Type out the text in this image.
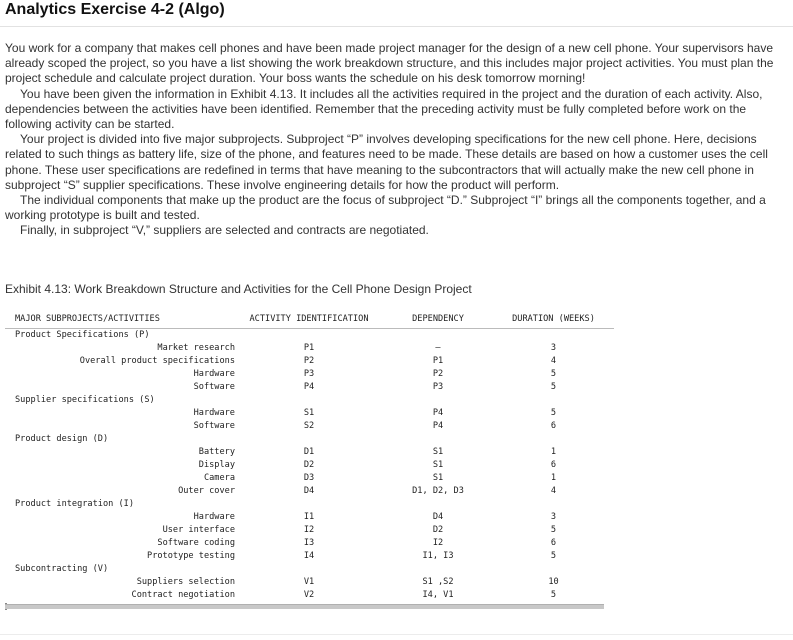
Analytics Exercise 4-2 (Algo)

You work for a company that makes cell phones and have been made project manager for the design of a new cell phone. Your supervisors have already scoped the project, so you have a list showing the work breakdown structure, and this includes major project activities. You must plan the project schedule and calculate project duration. Your boss wants the schedule on his desk tomorrow morning!

You have been given the information in Exhibit 4.13. It includes all the activities required in the project and the duration of each activity. Also, dependencies between the activities have been identified. Remember that the preceding activity must be fully completed before work on the following activity can be started.

Your project is divided into five major subprojects. Subproject “P” involves developing specifications for the new cell phone. Here, decisions related to such things as battery life, size of the phone, and features need to be made. These details are based on how a customer uses the cell phone. These user specifications are redefined in terms that have meaning to the subcontractors that will actually make the new cell phone in subproject “S” supplier specifications. These involve engineering details for how the product will perform.

The individual components that make up the product are the focus of subproject “D.” Subproject “I” brings all the components together, and a working prototype is built and tested.

Finally, in subproject “V,” suppliers are selected and contracts are negotiated.

Exhibit 4.13: Work Breakdown Structure and Activities for the Cell Phone Design Project
MAJOR SUBPROJECTS/ACTIVITIES	ACTIVITY IDENTIFICATION	DEPENDENCY	DURATION (WEEKS)
Product Specifications (P)			
Market research	P1	–	3
Overall product specifications	P2	P1	4
Hardware	P3	P2	5
Software	P4	P3	5
Supplier specifications (S)			
Hardware	S1	P4	5
Software	S2	P4	6
Product design (D)			
Battery	D1	S1	1
Display	D2	S1	6
Camera	D3	S1	1
Outer cover	D4	D1, D2, D3	4
Product integration (I)			
Hardware	I1	D4	3
User interface	I2	D2	5
Software coding	I3	I2	6
Prototype testing	I4	I1, I3	5
Subcontracting (V)			
Suppliers selection	V1	S1 ,S2	10
Contract negotiation	V2	I4, V1	5
